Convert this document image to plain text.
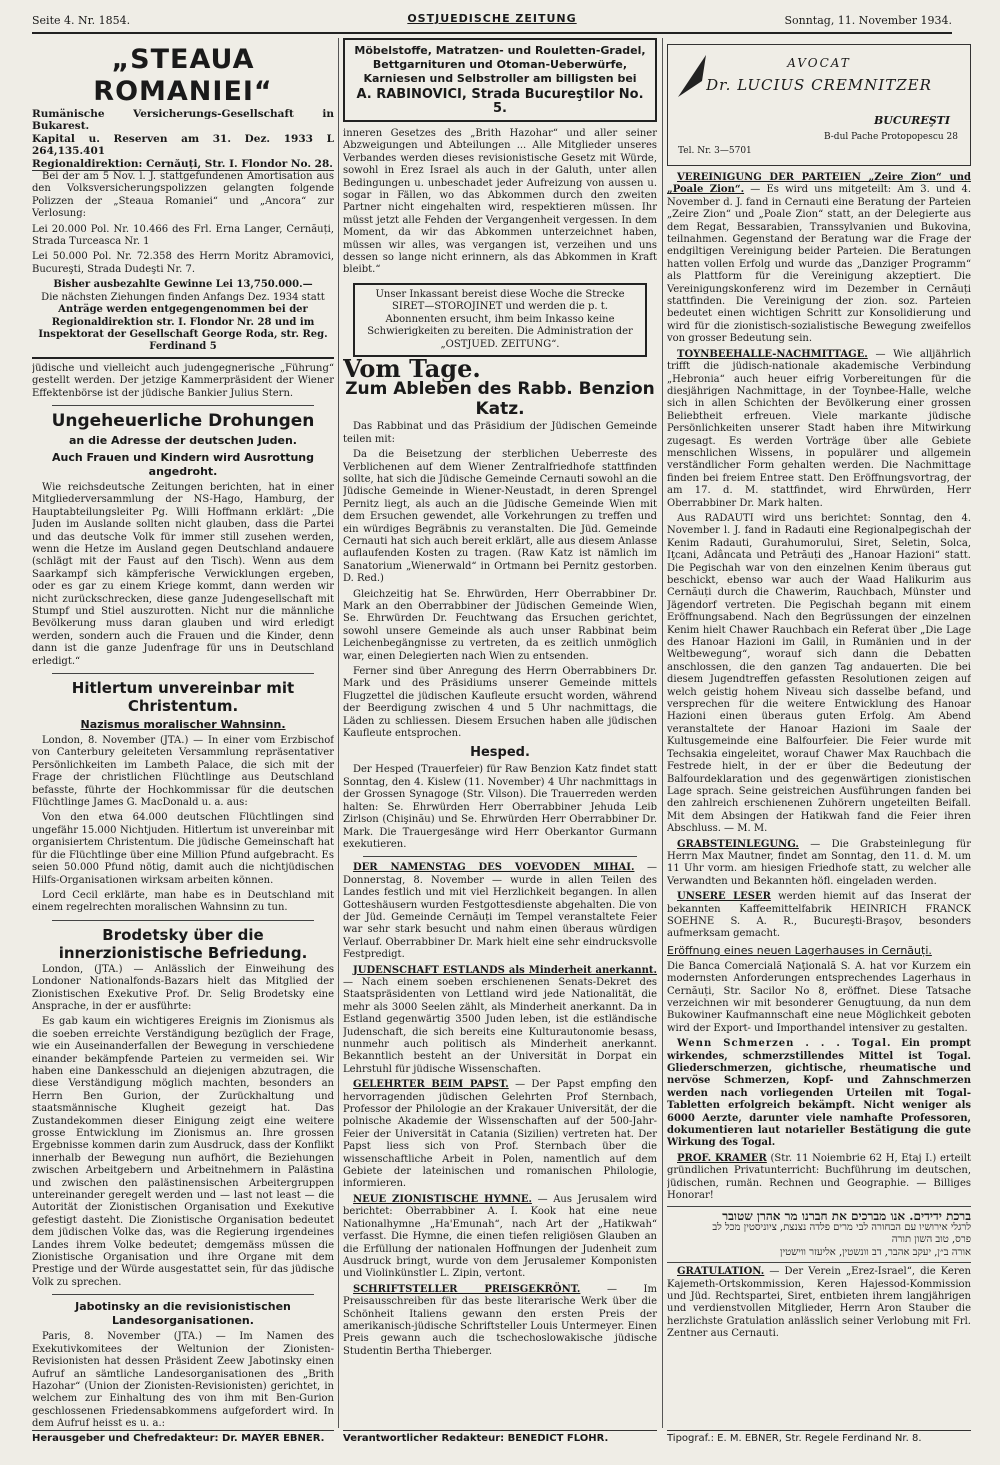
Seite 4. Nr. 1854.	OSTJUEDISCHE ZEITUNG	Sonntag, 11. November 1934.
„STEAUA ROMANIEI“
Rumänische Versicherungs-Gesellschaft in Bukarest.
Kapital u. Reserven am 31. Dez. 1933 L 264,135.401
Regionaldirektion: Cernăuți, Str. I. Flondor No. 28.

Bei der am 5 Nov. l. J. stattgefundenen Amortisation aus den Volksversicherungspolizzen gelangten folgende Polizzen der „Steaua Romaniei“ und „Ancora“ zur Verlosung:

Lei 20.000 Pol. Nr. 10.466 des Frl. Erna Langer, Cernăuți, Strada Turceasca Nr. 1

Lei 50.000 Pol. Nr. 72.358 des Herrn Moritz Abramovici, Bucureşti, Strada Dudeşti Nr. 7.

Bisher ausbezahlte Gewinne Lei 13,750.000.—
Die nächsten Ziehungen finden Anfangs Dez. 1934 statt
Anträge werden entgegengenommen bei der Regionaldirektion str. I. Flondor Nr. 28 und im Inspektorat der Gesellschaft George Roda, str. Reg. Ferdinand 5

jüdische und vielleicht auch judengegnerische „Führung“ gestellt werden. Der jetzige Kammerpräsident der Wiener Effektenbörse ist der jüdische Bankier Julius Stern.

Ungeheuerliche Drohungen
an die Adresse der deutschen Juden.
Auch Frauen und Kindern wird Ausrottung angedroht.

Wie reichsdeutsche Zeitungen berichten, hat in einer Mitgliederversammlung der NS-Hago, Hamburg, der Hauptabteilungsleiter Pg. Willi Hoffmann erklärt: „Die Juden im Auslande sollten nicht glauben, dass die Partei und das deutsche Volk für immer still zusehen werden, wenn die Hetze im Ausland gegen Deutschland andauere (schlägt mit der Faust auf den Tisch). Wenn aus dem Saarkampf sich kämpferische Verwicklungen ergeben, oder es gar zu einem Kriege kommt, dann werden wir nicht zurückschrecken, diese ganze Judengesellschaft mit Stumpf und Stiel auszurotten. Nicht nur die männliche Bevölkerung muss daran glauben und wird erledigt werden, sondern auch die Frauen und die Kinder, denn dann ist die ganze Judenfrage für uns in Deutschland erledigt.“

Hitlertum unvereinbar mit Christentum.
Nazismus moralischer Wahnsinn.

London, 8. November (JTA.) — In einer vom Erzbischof von Canterbury geleiteten Versammlung repräsentativer Persönlichkeiten im Lambeth Palace, die sich mit der Frage der christlichen Flüchtlinge aus Deutschland befasste, führte der Hochkommissar für die deutschen Flüchtlinge James G. MacDonald u. a. aus:

Von den etwa 64.000 deutschen Flüchtlingen sind ungefähr 15.000 Nichtjuden. Hitlertum ist unvereinbar mit organisiertem Christentum. Die jüdische Gemeinschaft hat für die Flüchtlinge über eine Million Pfund aufgebracht. Es seien 50.000 Pfund nötig, damit auch die nichtjüdischen Hilfs-Organisationen wirksam arbeiten können.

Lord Cecil erklärte, man habe es in Deutschland mit einem regelrechten moralischen Wahnsinn zu tun.

Brodetsky über die innerzionistische Befriedung.

London, (JTA.) — Anlässlich der Einweihung des Londoner Nationalfonds-Bazars hielt das Mitglied der Zionistischen Exekutive Prof. Dr. Selig Brodetsky eine Ansprache, in der er ausführte:

Es gab kaum ein wichtigeres Ereignis im Zionismus als die soeben erreichte Verständigung bezüglich der Frage, wie ein Auseinanderfallen der Bewegung in verschiedene einander bekämpfende Parteien zu vermeiden sei. Wir haben eine Dankesschuld an diejenigen abzutragen, die diese Verständigung möglich machten, besonders an Herrn Ben Gurion, der Zurückhaltung und staatsmännische Klugheit gezeigt hat. Das Zustandekommen dieser Einigung zeigt eine weitere grosse Entwicklung im Zionismus an. Ihre grossen Ergebnisse kommen darin zum Ausdruck, dass der Konflikt innerhalb der Bewegung nun aufhört, die Beziehungen zwischen Arbeitgebern und Arbeitnehmern in Palästina und zwischen den palästinensischen Arbeitergruppen untereinander geregelt werden und — last not least — die Autorität der Zionistischen Organisation und Exekutive gefestigt dasteht. Die Zionistische Organisation bedeutet dem jüdischen Volke das, was die Regierung irgendeines Landes ihrem Volke bedeutet; demgemäss müssen die Zionistische Organisation und ihre Organe mit dem Prestige und der Würde ausgestattet sein, für das jüdische Volk zu sprechen.

Jabotinsky an die revisionistischen Landesorganisationen.

Paris, 8. November (JTA.) — Im Namen des Exekutivkomitees der Weltunion der Zionisten-Revisionisten hat dessen Präsident Zeew Jabotinsky einen Aufruf an sämtliche Landesorganisationen des „Brith Hazohar“ (Union der Zionisten-Revisionisten) gerichtet, in welchem zur Einhaltung des von ihm mit Ben-Gurion geschlossenen Friedensabkommens aufgefordert wird. In dem Aufruf heisst es u. a.:

Möbelstoffe, Matratzen- und Rouletten-Gradel, Bettgarnituren und Otoman-Ueberwürfe, Karniesen und Selbstroller am billigsten bei
A. RABINOVICI, Strada Bucureştilor No. 5.

inneren Gesetzes des „Brith Hazohar“ und aller seiner Abzweigungen und Abteilungen ... Alle Mitglieder unseres Verbandes werden dieses revisionistische Gesetz mit Würde, sowohl in Erez Israel als auch in der Galuth, unter allen Bedingungen u. unbeschadet jeder Aufreizung von aussen u. sogar in Fällen, wo das Abkommen durch den zweiten Partner nicht eingehalten wird, respektieren müssen. Ihr müsst jetzt alle Fehden der Vergangenheit vergessen. In dem Moment, da wir das Abkommen unterzeichnet haben, müssen wir alles, was vergangen ist, verzeihen und uns dessen so lange nicht erinnern, als das Abkommen in Kraft bleibt.“

Unser Inkassant bereist diese Woche die Strecke SIRET—STOROJINET und werden die p. t. Abonnenten ersucht, ihm beim Inkasso keine Schwierigkeiten zu bereiten. Die Administration der „OSTJUED. ZEITUNG“.
Vom Tage.
Zum Ableben des Rabb. Benzion Katz.

Das Rabbinat und das Präsidium der Jüdischen Gemeinde teilen mit:

Da die Beisetzung der sterblichen Ueberreste des Verblichenen auf dem Wiener Zentralfriedhofe stattfinden sollte, hat sich die Jüdische Gemeinde Cernauti sowohl an die Jüdische Gemeinde in Wiener-Neustadt, in deren Sprengel Pernitz liegt, als auch an die Jüdische Gemeinde Wien mit dem Ersuchen gewendet, alle Vorkehrungen zu treffen und ein würdiges Begräbnis zu veranstalten. Die Jüd. Gemeinde Cernauti hat sich auch bereit erklärt, alle aus diesem Anlasse auflaufenden Kosten zu tragen. (Raw Katz ist nämlich im Sanatorium „Wienerwald“ in Ortmann bei Pernitz gestorben. D. Red.)

Gleichzeitig hat Se. Ehrwürden, Herr Oberrabbiner Dr. Mark an den Oberrabbiner der Jüdischen Gemeinde Wien, Se. Ehrwürden Dr. Feuchtwang das Ersuchen gerichtet, sowohl unsere Gemeinde als auch unser Rabbinat beim Leichenbegängnisse zu vertreten, da es zeitlich unmöglich war, einen Delegierten nach Wien zu entsenden.

Ferner sind über Anregung des Herrn Oberrabbiners Dr. Mark und des Präsidiums unserer Gemeinde mittels Flugzettel die jüdischen Kaufleute ersucht worden, während der Beerdigung zwischen 4 und 5 Uhr nachmittags, die Läden zu schliessen. Diesem Ersuchen haben alle jüdischen Kaufleute entsprochen.

Hesped.

Der Hesped (Trauerfeier) für Raw Benzion Katz findet statt Sonntag, den 4. Kislew (11. November) 4 Uhr nachmittags in der Grossen Synagoge (Str. Vilson). Die Trauerreden werden halten: Se. Ehrwürden Herr Oberrabbiner Jehuda Leib Zirlson (Chişinău) und Se. Ehrwürden Herr Oberrabbiner Dr. Mark. Die Trauergesänge wird Herr Oberkantor Gurmann exekutieren.

DER NAMENSTAG DES VOEVODEN MIHAI. — Donnerstag, 8. November — wurde in allen Teilen des Landes festlich und mit viel Herzlichkeit begangen. In allen Gotteshäusern wurden Festgottesdienste abgehalten. Die von der Jüd. Gemeinde Cernăuți im Tempel veranstaltete Feier war sehr stark besucht und nahm einen überaus würdigen Verlauf. Oberrabbiner Dr. Mark hielt eine sehr eindrucksvolle Festpredigt.

JUDENSCHAFT ESTLANDS als Minderheit anerkannt. — Nach einem soeben erschienenen Senats-Dekret des Staatspräsidenten von Lettland wird jede Nationalität, die mehr als 3000 Seelen zählt, als Minderheit anerkannt. Da in Estland gegenwärtig 3500 Juden leben, ist die estländische Judenschaft, die sich bereits eine Kulturautonomie besass, nunmehr auch politisch als Minderheit anerkannt. Bekanntlich besteht an der Universität in Dorpat ein Lehrstuhl für jüdische Wissenschaften.

GELEHRTER BEIM PAPST. — Der Papst empfing den hervorragenden jüdischen Gelehrten Prof Sternbach, Professor der Philologie an der Krakauer Universität, der die polnische Akademie der Wissenschaften auf der 500-Jahr-Feier der Universität in Catania (Sizilien) vertreten hat. Der Papst liess sich von Prof. Sternbach über die wissenschaftliche Arbeit in Polen, namentlich auf dem Gebiete der lateinischen und romanischen Philologie, informieren.

NEUE ZIONISTISCHE HYMNE. — Aus Jerusalem wird berichtet: Oberrabbiner A. I. Kook hat eine neue Nationalhymne „Ha'Emunah“, nach Art der „Hatikwah“ verfasst. Die Hymne, die einen tiefen religiösen Glauben an die Erfüllung der nationalen Hoffnungen der Judenheit zum Ausdruck bringt, wurde von dem Jerusalemer Komponisten und Violinkünstler L. Zipin, vertont.

SCHRIFTSTELLER PREISGEKRÖNT.	— Im Preisausschreiben für das beste literarische Werk über die Schönheit Italiens gewann den ersten Preis der amerikanisch-jüdische Schriftsteller Louis Untermeyer. Einen Preis gewann auch die tschechoslowakische jüdische Studentin Bertha Thieberger.

AVOCAT
Dr. LUCIUS CREMNITZER
BUCUREŞTI
B-dul Pache Protopopescu 28
Tel. Nr. 3—5701

VEREINIGUNG DER PARTEIEN „Zeire Zion“ und „Poale Zion“. — Es wird uns mitgeteilt: Am 3. und 4. November d. J. fand in Cernauti eine Beratung der Parteien „Zeire Zion“ und „Poale Zion“ statt, an der Delegierte aus dem Regat, Bessarabien, Transsylvanien und Bukovina, teilnahmen. Gegenstand der Beratung war die Frage der endgiltigen Vereinigung beider Parteien. Die Beratungen hatten vollen Erfolg und wurde das „Danziger Programm“ als Plattform für die Vereinigung akzeptiert. Die Vereinigungskonferenz wird im Dezember in Cernăuți stattfinden. Die Vereinigung der zion. soz. Parteien bedeutet einen wichtigen Schritt zur Konsolidierung und wird für die zionistisch-sozialistische Bewegung zweifellos von grosser Bedeutung sein.

TOYNBEEHALLE-NACHMITTAGE. — Wie alljährlich trifft die jüdisch-nationale akademische Verbindung „Hebronia“ auch heuer eifrig Vorbereitungen für die diesjährigen Nachmittage, in der Toynbee-Halle, welche sich in allen Schichten der Bevölkerung einer grossen Beliebtheit erfreuen. Viele markante jüdische Persönlichkeiten unserer Stadt haben ihre Mitwirkung zugesagt. Es werden Vorträge über alle Gebiete menschlichen Wissens, in populärer und allgemein verständlicher Form gehalten werden. Die Nachmittage finden bei freiem Entree statt. Den Eröffnungsvortrag, der am 17. d. M. stattfindet, wird Ehrwürden, Herr Oberrabbiner Dr. Mark halten.

Aus RADAUTI wird uns berichtet: Sonntag, den 4. November l. J. fand in Radauti eine Regionalpegischah der Kenim Radauti, Gurahumorului, Siret, Seletin, Solca, Iţcani, Adâncata und Petrăuți des „Hanoar Hazioni“ statt. Die Pegischah war von den einzelnen Kenim überaus gut beschickt, ebenso war auch der Waad Halikurim aus Cernăuți durch die Chawerim, Rauchbach, Münster und Jägendorf vertreten. Die Pegischah begann mit einem Eröffnungsabend. Nach den Begrüssungen der einzelnen Kenim hielt Chawer Rauchbach ein Referat über „Die Lage des Hanoar Hazioni im Galil, in Rumänien und in der Weltbewegung“, worauf sich dann die Debatten anschlossen, die den ganzen Tag andauerten. Die bei diesem Jugendtreffen gefassten Resolutionen zeigen auf welch geistig hohem Niveau sich dasselbe befand, und versprechen für die weitere Entwicklung des Hanoar Hazioni einen überaus guten Erfolg. Am Abend veranstaltete der Hanoar Hazioni im Saale der Kultusgemeinde eine Balfourfeier. Die Feier wurde mit Techsakia eingeleitet, worauf Chawer Max Rauchbach die Festrede hielt, in der er über die Bedeutung der Balfourdeklaration und des gegenwärtigen zionistischen Lage sprach. Seine geistreichen Ausführungen fanden bei den zahlreich erschienenen Zuhörern ungeteilten Beifall. Mit dem Absingen der Hatikwah fand die Feier ihren Abschluss. — M. M.

GRABSTEINLEGUNG. — Die Grabsteinlegung für Herrn Max Mautner, findet am Sonntag, den 11. d. M. um 11 Uhr vorm. am hiesigen Friedhofe statt, zu welcher alle Verwandten und Bekannten höfl. eingeladen werden.

UNSERE LESER werden hiemit auf das Inserat der bekannten Kaffeemittelfabrik HEINRICH FRANCK SOEHNE S. A. R., Bucureşti-Braşov, besonders aufmerksam gemacht.

Eröffnung eines neuen Lagerhauses in Cernăuți.

Die Banca Comercială Naţională S. A. hat vor Kurzem ein modernsten Anforderungen entsprechendes Lagerhaus in Cernăuți, Str. Sacilor No 8, eröffnet. Diese Tatsache verzeichnen wir mit besonderer Genugtuung, da nun dem Bukowiner Kaufmannschaft eine neue Möglichkeit geboten wird der Export- und Importhandel intensiver zu gestalten.

Wenn Schmerzen . . . Togal. Ein prompt wirkendes, schmerzstillendes Mittel ist Togal. Gliederschmerzen, gichtische, rheumatische und nervöse Schmerzen, Kopf- und Zahnschmerzen werden nach vorliegenden Urteilen mit Togal-Tabletten erfolgreich bekämpft. Nicht weniger als 6000 Aerzte, darunter viele namhafte Professoren, dokumentieren laut notarieller Bestätigung die gute Wirkung des Togal.

PROF. KRAMER (Str. 11 Noiembrie 62 H, Etaj I.) erteilt gründlichen Privatunterricht: Buchführung im deutschen, jüdischen, rumän. Rechnen und Geographie. — Billiges Honorar!

ברכת ידידים. אנו מברכים את חברנו מר אהרן שטובר
לרגלי אירושיו עם הבחורה לבי מרים פלדה נצנצת, ציוניסטין מכל לב
פרס, טוב השון תורה
אורה ב״ן, יעקב אהבר, דב וונשטין, אליעזר ווישטין

GRATULATION. — Der Verein „Erez-Israel“, die Keren Kajemeth-Ortskommission, Keren Hajessod-Kommission und Jüd. Rechtspartei, Siret, entbieten ihrem langjährigen und verdienstvollen Mitglieder, Herrn Aron Stauber die herzlichste Gratulation anlässlich seiner Verlobung mit Frl. Zentner aus Cernauti.

Herausgeber und Chefredakteur: Dr. MAYER EBNER.	Verantwortlicher Redakteur: BENEDICT FLOHR.	Tipograf.: E. M. EBNER, Str. Regele Ferdinand Nr. 8.
